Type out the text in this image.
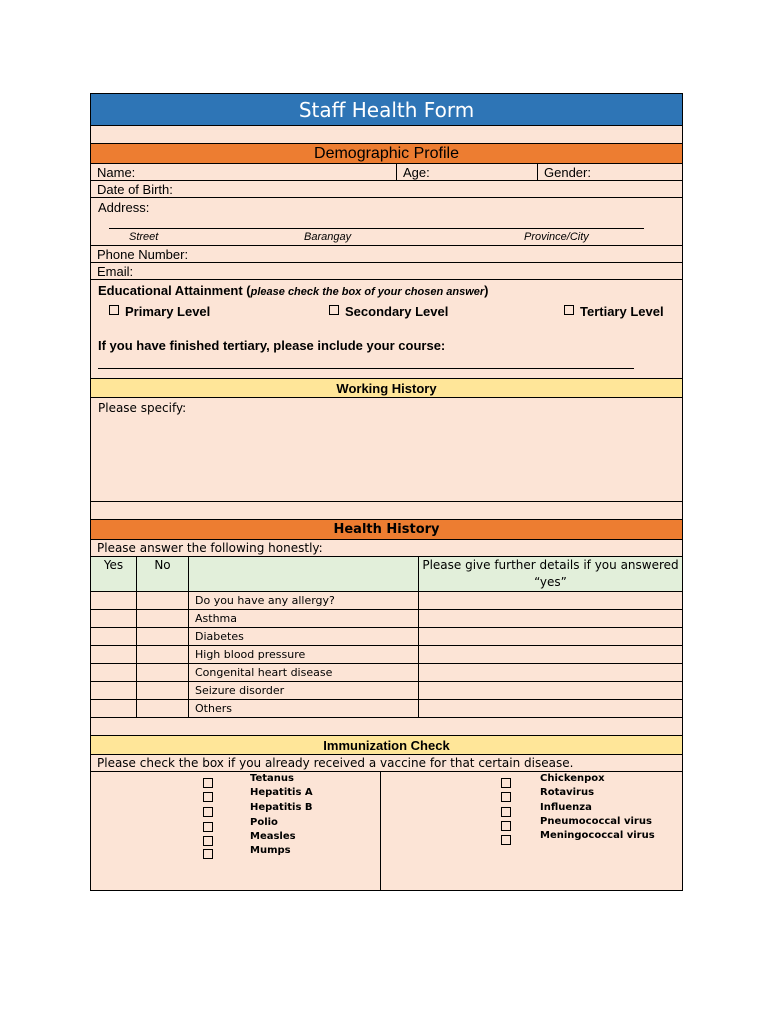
Staff Health Form
Demographic Profile
Name:	Age:	Gender:
Date of Birth:
Address:
Street	Barangay	Province/City
Phone Number:
Email:
Educational Attainment (please check the box of your chosen answer)
Primary Level	Secondary Level	Tertiary Level
If you have finished tertiary, please include your course:
Working History
Please specify:
Health History
Please answer the following honestly:
Yes	No		Please give further details if you answered “yes”
		Do you have any allergy?	
		Asthma	
		Diabetes	
		High blood pressure	
		Congenital heart disease	
		Seizure disorder	
		Others	
Immunization Check
Please check the box if you already received a vaccine for that certain disease.
Tetanus
Hepatitis A
Hepatitis B
Polio
Measles
Mumps
Chickenpox
Rotavirus
Influenza
Pneumococcal virus
Meningococcal virus
